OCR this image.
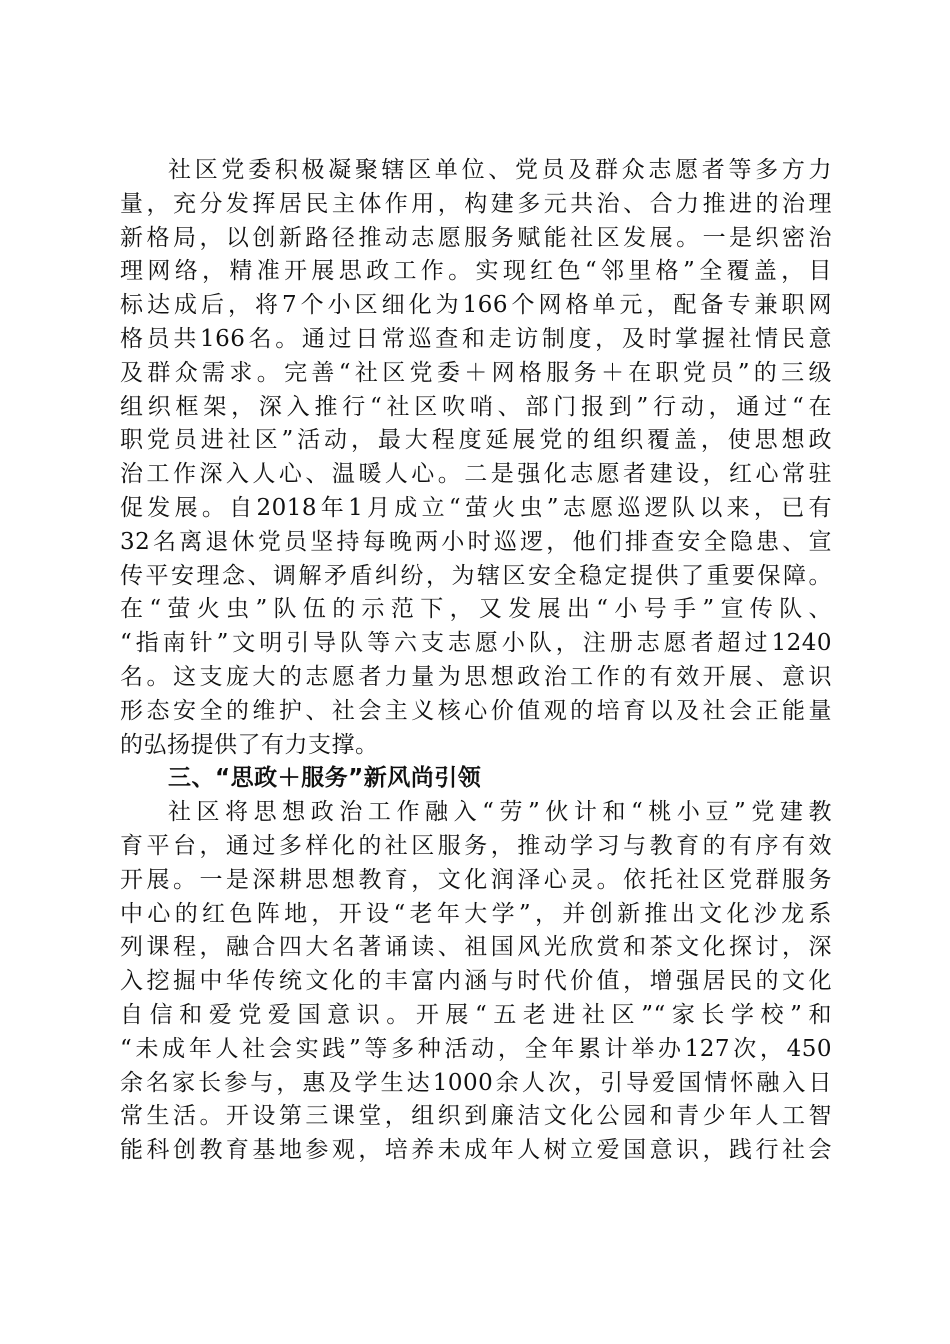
社区党委积极凝聚辖区单位、党员及群众志愿者等多方力
量，充分发挥居民主体作用，构建多元共治、合力推进的治理
新格局，以创新路径推动志愿服务赋能社区发展。一是织密治
理网络，精准开展思政工作。实现红色“邻里格”全覆盖，目
标达成后，将7个小区细化为166个网格单元，配备专兼职网
格员共166名。通过日常巡查和走访制度，及时掌握社情民意
及群众需求。完善“社区党委＋网格服务＋在职党员”的三级
组织框架，深入推行“社区吹哨、部门报到”行动，通过“在
职党员进社区”活动，最大程度延展党的组织覆盖，使思想政
治工作深入人心、温暖人心。二是强化志愿者建设，红心常驻
促发展。自2018年1月成立“萤火虫”志愿巡逻队以来，已有
32名离退休党员坚持每晚两小时巡逻，他们排查安全隐患、宣
传平安理念、调解矛盾纠纷，为辖区安全稳定提供了重要保障。
在“萤火虫”队伍的示范下，又发展出“小号手”宣传队、
“指南针”文明引导队等六支志愿小队，注册志愿者超过1240
名。这支庞大的志愿者力量为思想政治工作的有效开展、意识
形态安全的维护、社会主义核心价值观的培育以及社会正能量
的弘扬提供了有力支撑。
三、“思政＋服务”新风尚引领
社区将思想政治工作融入“劳”伙计和“桃小豆”党建教
育平台，通过多样化的社区服务，推动学习与教育的有序有效
开展。一是深耕思想教育，文化润泽心灵。依托社区党群服务
中心的红色阵地，开设“老年大学”，并创新推出文化沙龙系
列课程，融合四大名著诵读、祖国风光欣赏和茶文化探讨，深
入挖掘中华传统文化的丰富内涵与时代价值，增强居民的文化
自信和爱党爱国意识。开展“五老进社区”“家长学校”和
“未成年人社会实践”等多种活动，全年累计举办127次，450
余名家长参与，惠及学生达1000余人次，引导爱国情怀融入日
常生活。开设第三课堂，组织到廉洁文化公园和青少年人工智
能科创教育基地参观，培养未成年人树立爱国意识，践行社会
